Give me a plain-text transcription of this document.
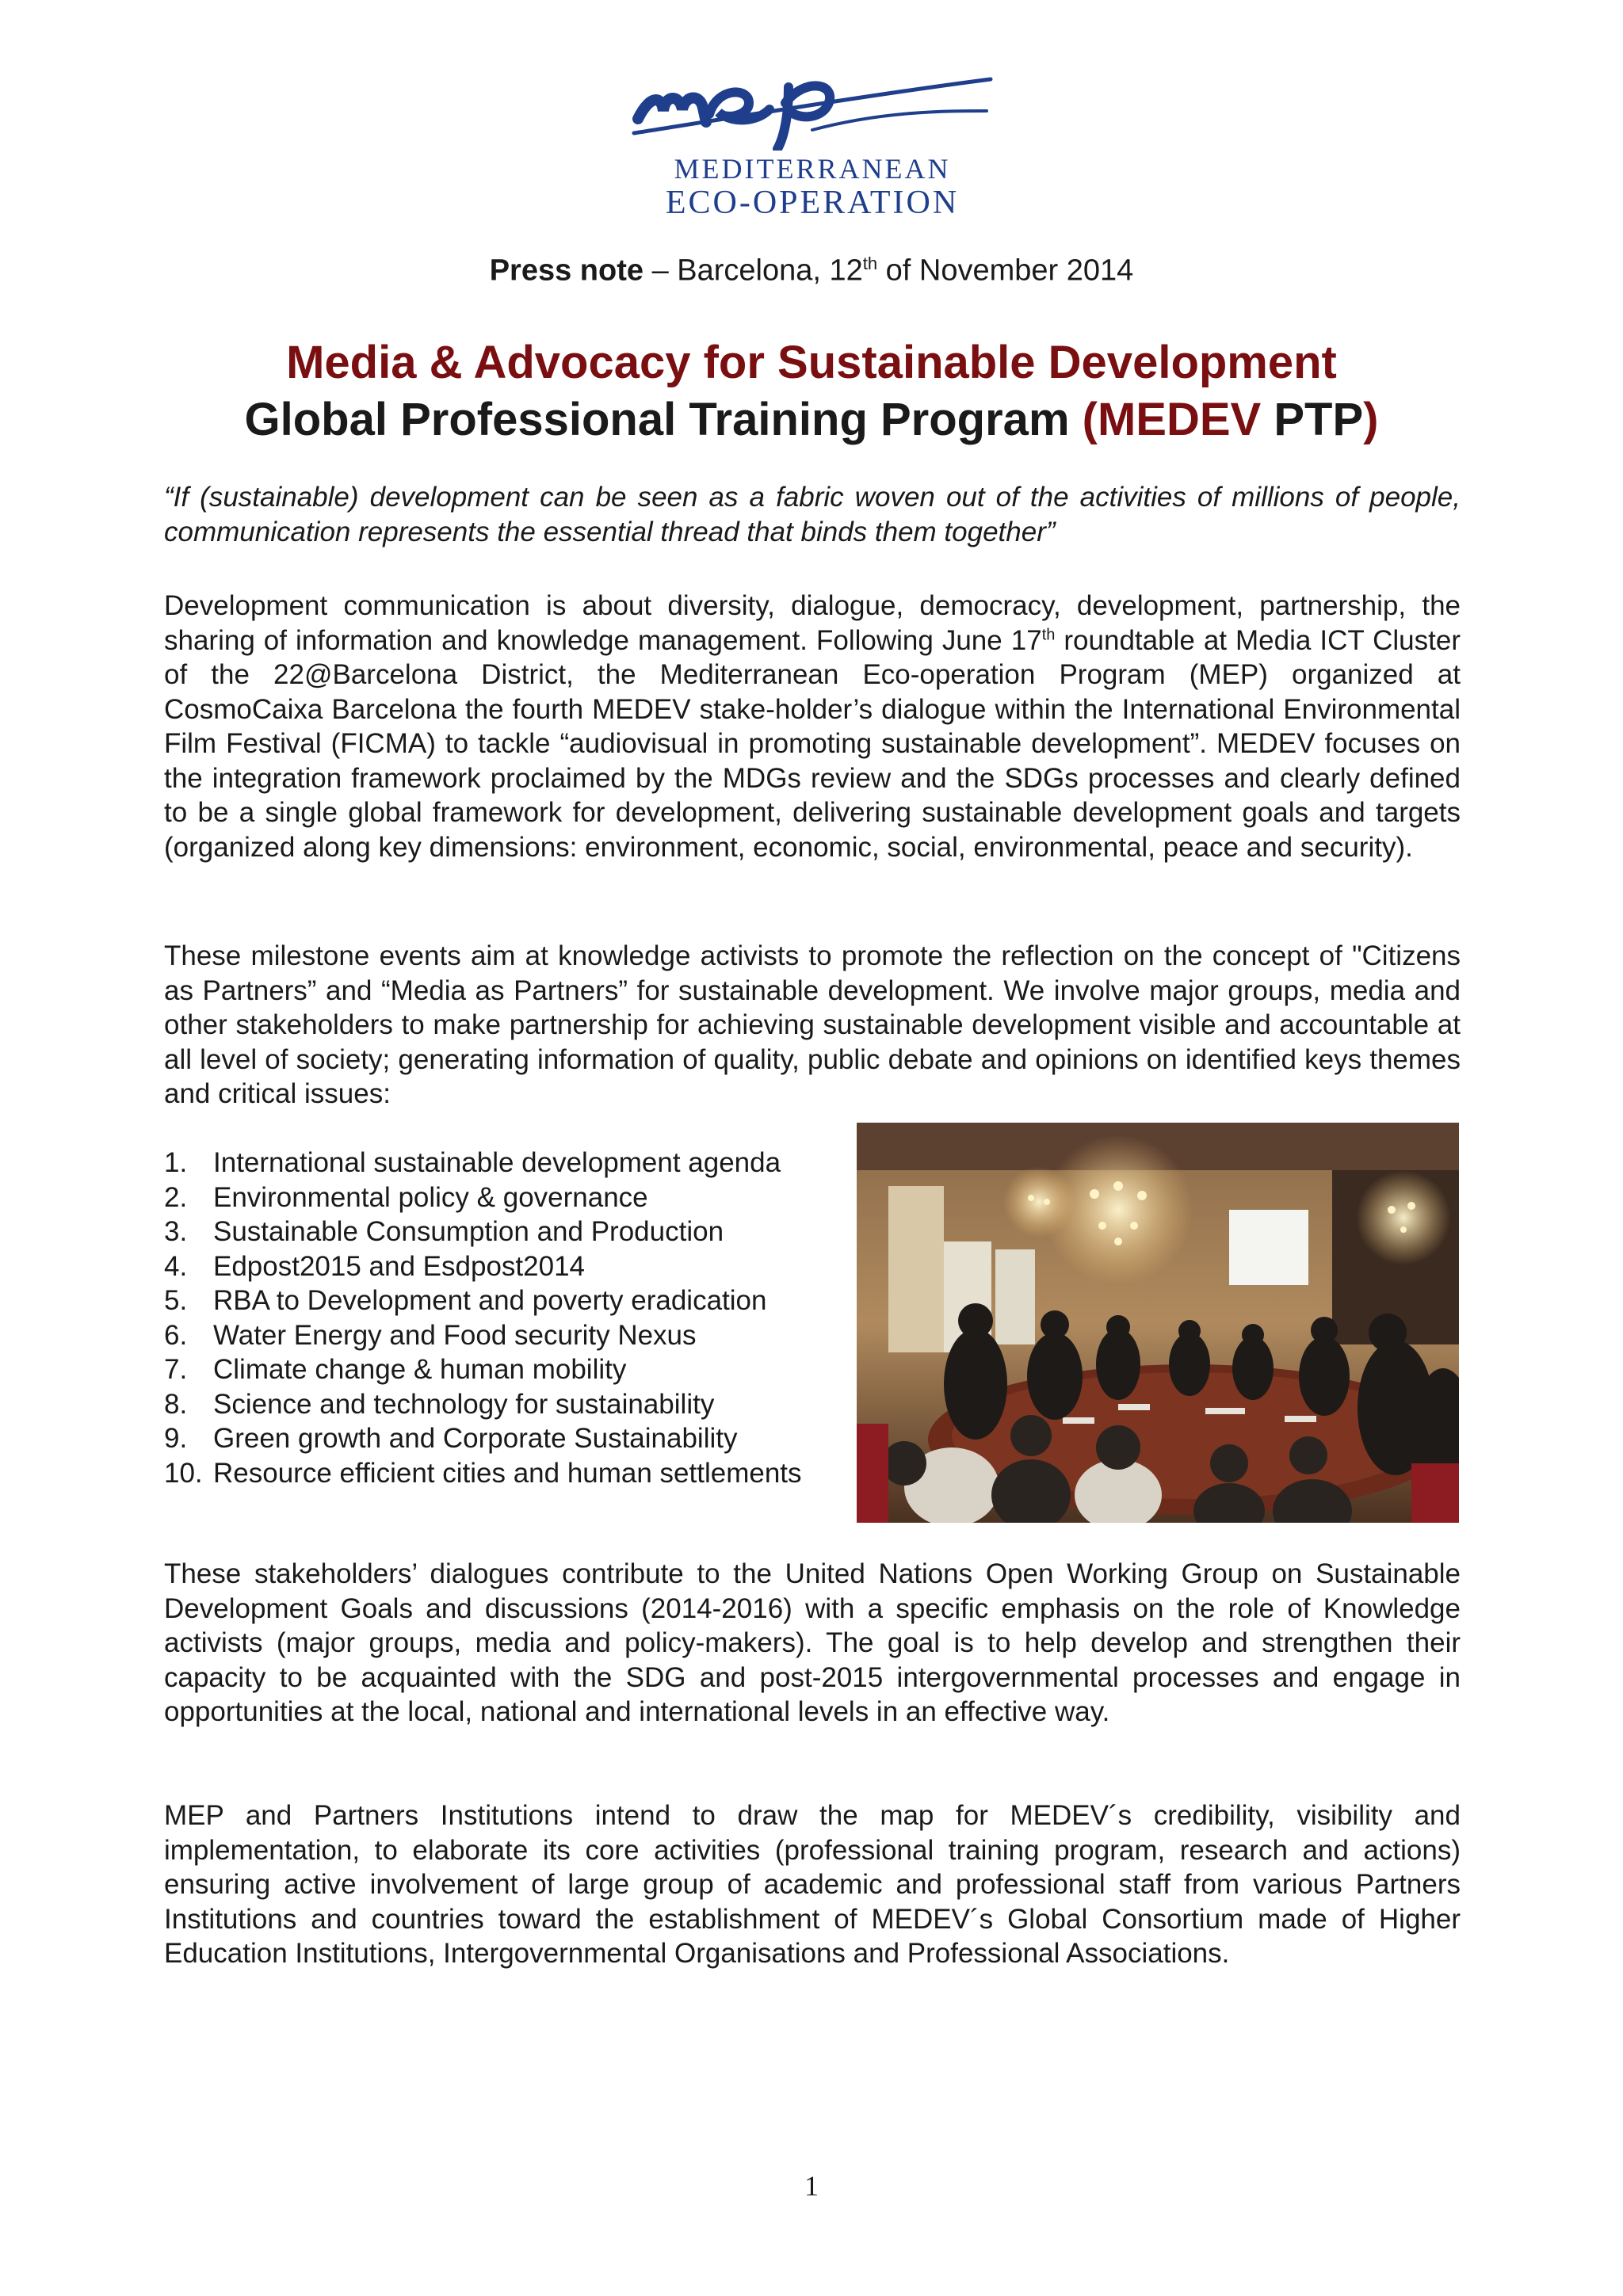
MEDITERRANEAN
ECO-OPERATION
Press note – Barcelona, 12th of November 2014
Media & Advocacy for Sustainable Development
Global Professional Training Program (MEDEV PTP)
“If (sustainable) development can be seen as a fabric woven out of the activities of millions of people, communication represents the essential thread that binds them together”
Development communication is about diversity, dialogue, democracy, development, partnership, the sharing of information and knowledge management. Following June 17th roundtable at Media ICT Cluster of the 22@Barcelona District, the Mediterranean Eco-operation Program (MEP) organized at CosmoCaixa Barcelona the fourth MEDEV stake-holder’s dialogue within the International Environmental Film Festival (FICMA) to tackle “audiovisual in promoting sustainable development”. MEDEV focuses on the integration framework proclaimed by the MDGs review and the SDGs processes and clearly defined to be a single global framework for development, delivering sustainable development goals and targets (organized along key dimensions: environment, economic, social, environmental, peace and security).
These milestone events aim at knowledge activists to promote the reflection on the concept of "Citizens as Partners” and “Media as Partners” for sustainable development. We involve major groups, media and other stakeholders to make partnership for achieving sustainable development visible and accountable at all level of society; generating information of quality, public debate and opinions on identified keys themes and critical issues:
1. International sustainable development agenda
2. Environmental policy & governance
3. Sustainable Consumption and Production
4. Edpost2015 and Esdpost2014
5. RBA to Development and poverty eradication
6. Water Energy and Food security Nexus
7. Climate change & human mobility
8. Science and technology for sustainability
9. Green growth and Corporate Sustainability
10. Resource efficient cities and human settlements
These stakeholders’ dialogues contribute to the United Nations Open Working Group on Sustainable Development Goals and discussions (2014-2016) with a specific emphasis on the role of Knowledge activists (major groups, media and policy-makers). The goal is to help develop and strengthen their capacity to be acquainted with the SDG and post-2015 intergovernmental processes and engage in opportunities at the local, national and international levels in an effective way.
MEP and Partners Institutions intend to draw the map for MEDEV´s credibility, visibility and implementation, to elaborate its core activities (professional training program, research and actions) ensuring active involvement of large group of academic and professional staff from various Partners Institutions and countries toward the establishment of MEDEV´s Global Consortium made of Higher Education Institutions, Intergovernmental Organisations and Professional Associations.
1
